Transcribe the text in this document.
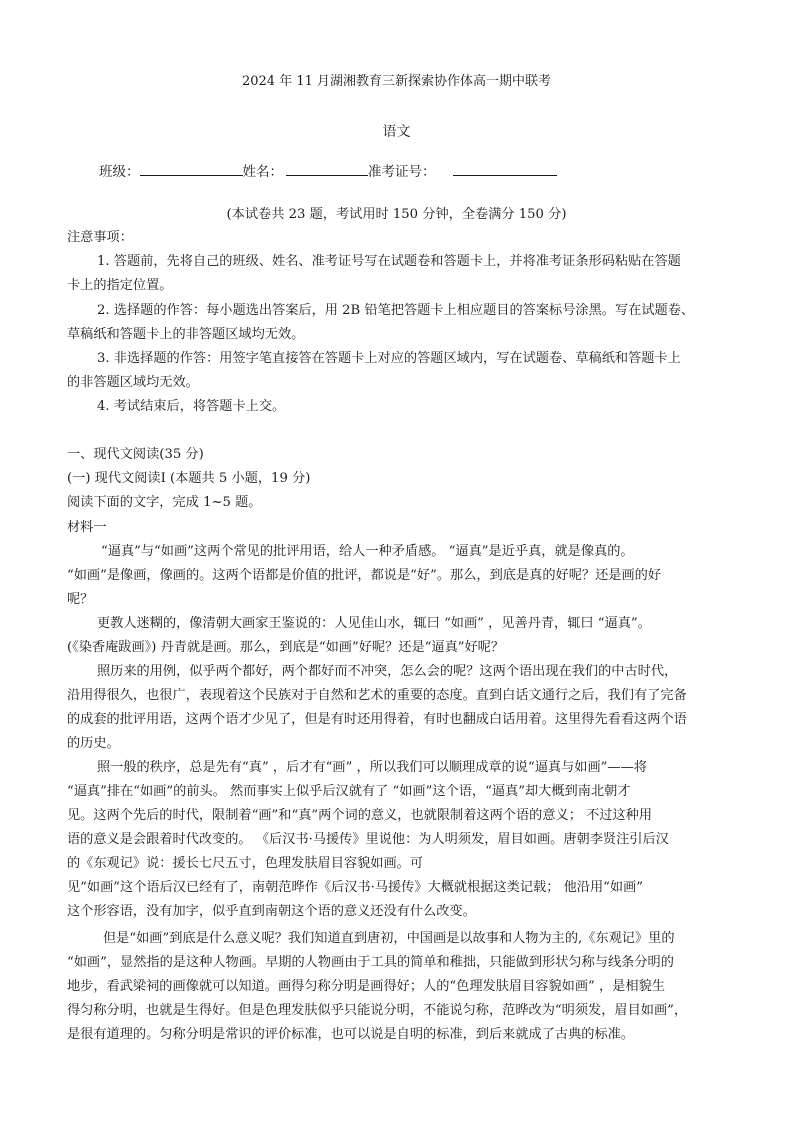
2024 年 11 月湖湘教育三新探索协作体高一期中联考
语文
班级：	姓名：	准考证号：
(本试卷共 23 题，考试用时 150 分钟，全卷满分 150 分)
注意事项：
1. 答题前，先将自己的班级、姓名、准考证号写在试题卷和答题卡上，并将准考证条形码粘贴在答题
卡上的指定位置。
2. 选择题的作答：每小题选出答案后，用 2B 铅笔把答题卡上相应题目的答案标号涂黑。写在试题卷、
草稿纸和答题卡上的非答题区域均无效。
3. 非选择题的作答：用签字笔直接答在答题卡上对应的答题区域内，写在试题卷、草稿纸和答题卡上
的非答题区域均无效。
4. 考试结束后，将答题卡上交。
一、现代文阅读(35 分)
(一) 现代文阅读Ⅰ (本题共 5 小题，19 分)
阅读下面的文字，完成 1~5 题。
材料一
“逼真”与“如画”这两个常见的批评用语，给人一种矛盾感。 “逼真”是近乎真，就是像真的。
“如画”是像画，像画的。这两个语都是价值的批评，都说是“好”。那么，到底是真的好呢？还是画的好
呢？
更教人迷糊的，像清朝大画家王鉴说的：人见佳山水，辄曰 “如画” ，见善丹青，辄曰 “逼真”。
(《染香庵跋画》) 丹青就是画。那么，到底是“如画”好呢？还是“逼真”好呢？
照历来的用例，似乎两个都好，两个都好而不冲突，怎么会的呢？这两个语出现在我们的中古时代，
沿用得很久，也很广，表现着这个民族对于自然和艺术的重要的态度。直到白话文通行之后，我们有了完备
的成套的批评用语，这两个语才少见了，但是有时还用得着，有时也翻成白话用着。这里得先看看这两个语
的历史。
照一般的秩序，总是先有“真” ，后才有“画” ，所以我们可以顺理成章的说“逼真与如画”——将
“逼真”排在“如画”的前头。 然而事实上似乎后汉就有了 “如画”这个语，“逼真”却大概到南北朝才
见。这两个先后的时代，限制着“画”和“真”两个词的意义，也就限制着这两个语的意义； 不过这种用
语的意义是会跟着时代改变的。 《后汉书·马援传》里说他：为人明须发，眉目如画。唐朝李贤注引后汉
的《东观记》说：援长七尺五寸，色理发肤眉目容貌如画。可
见“如画”这个语后汉已经有了，南朝范晔作《后汉书·马援传》大概就根据这类记载； 他沿用“如画”
这个形容语，没有加字，似乎直到南朝这个语的意义还没有什么改变。
但是“如画”到底是什么意义呢？我们知道直到唐初，中国画是以故事和人物为主的,《东观记》里的
“如画”，显然指的是这种人物画。早期的人物画由于工具的简单和稚拙，只能做到形状匀称与线条分明的
地步，看武梁祠的画像就可以知道。画得匀称分明是画得好；人的“色理发肤眉目容貌如画” ，是相貌生
得匀称分明，也就是生得好。但是色理发肤似乎只能说分明，不能说匀称，范晔改为“明须发，眉目如画”，
是很有道理的。匀称分明是常识的评价标准，也可以说是自明的标准，到后来就成了古典的标准。
